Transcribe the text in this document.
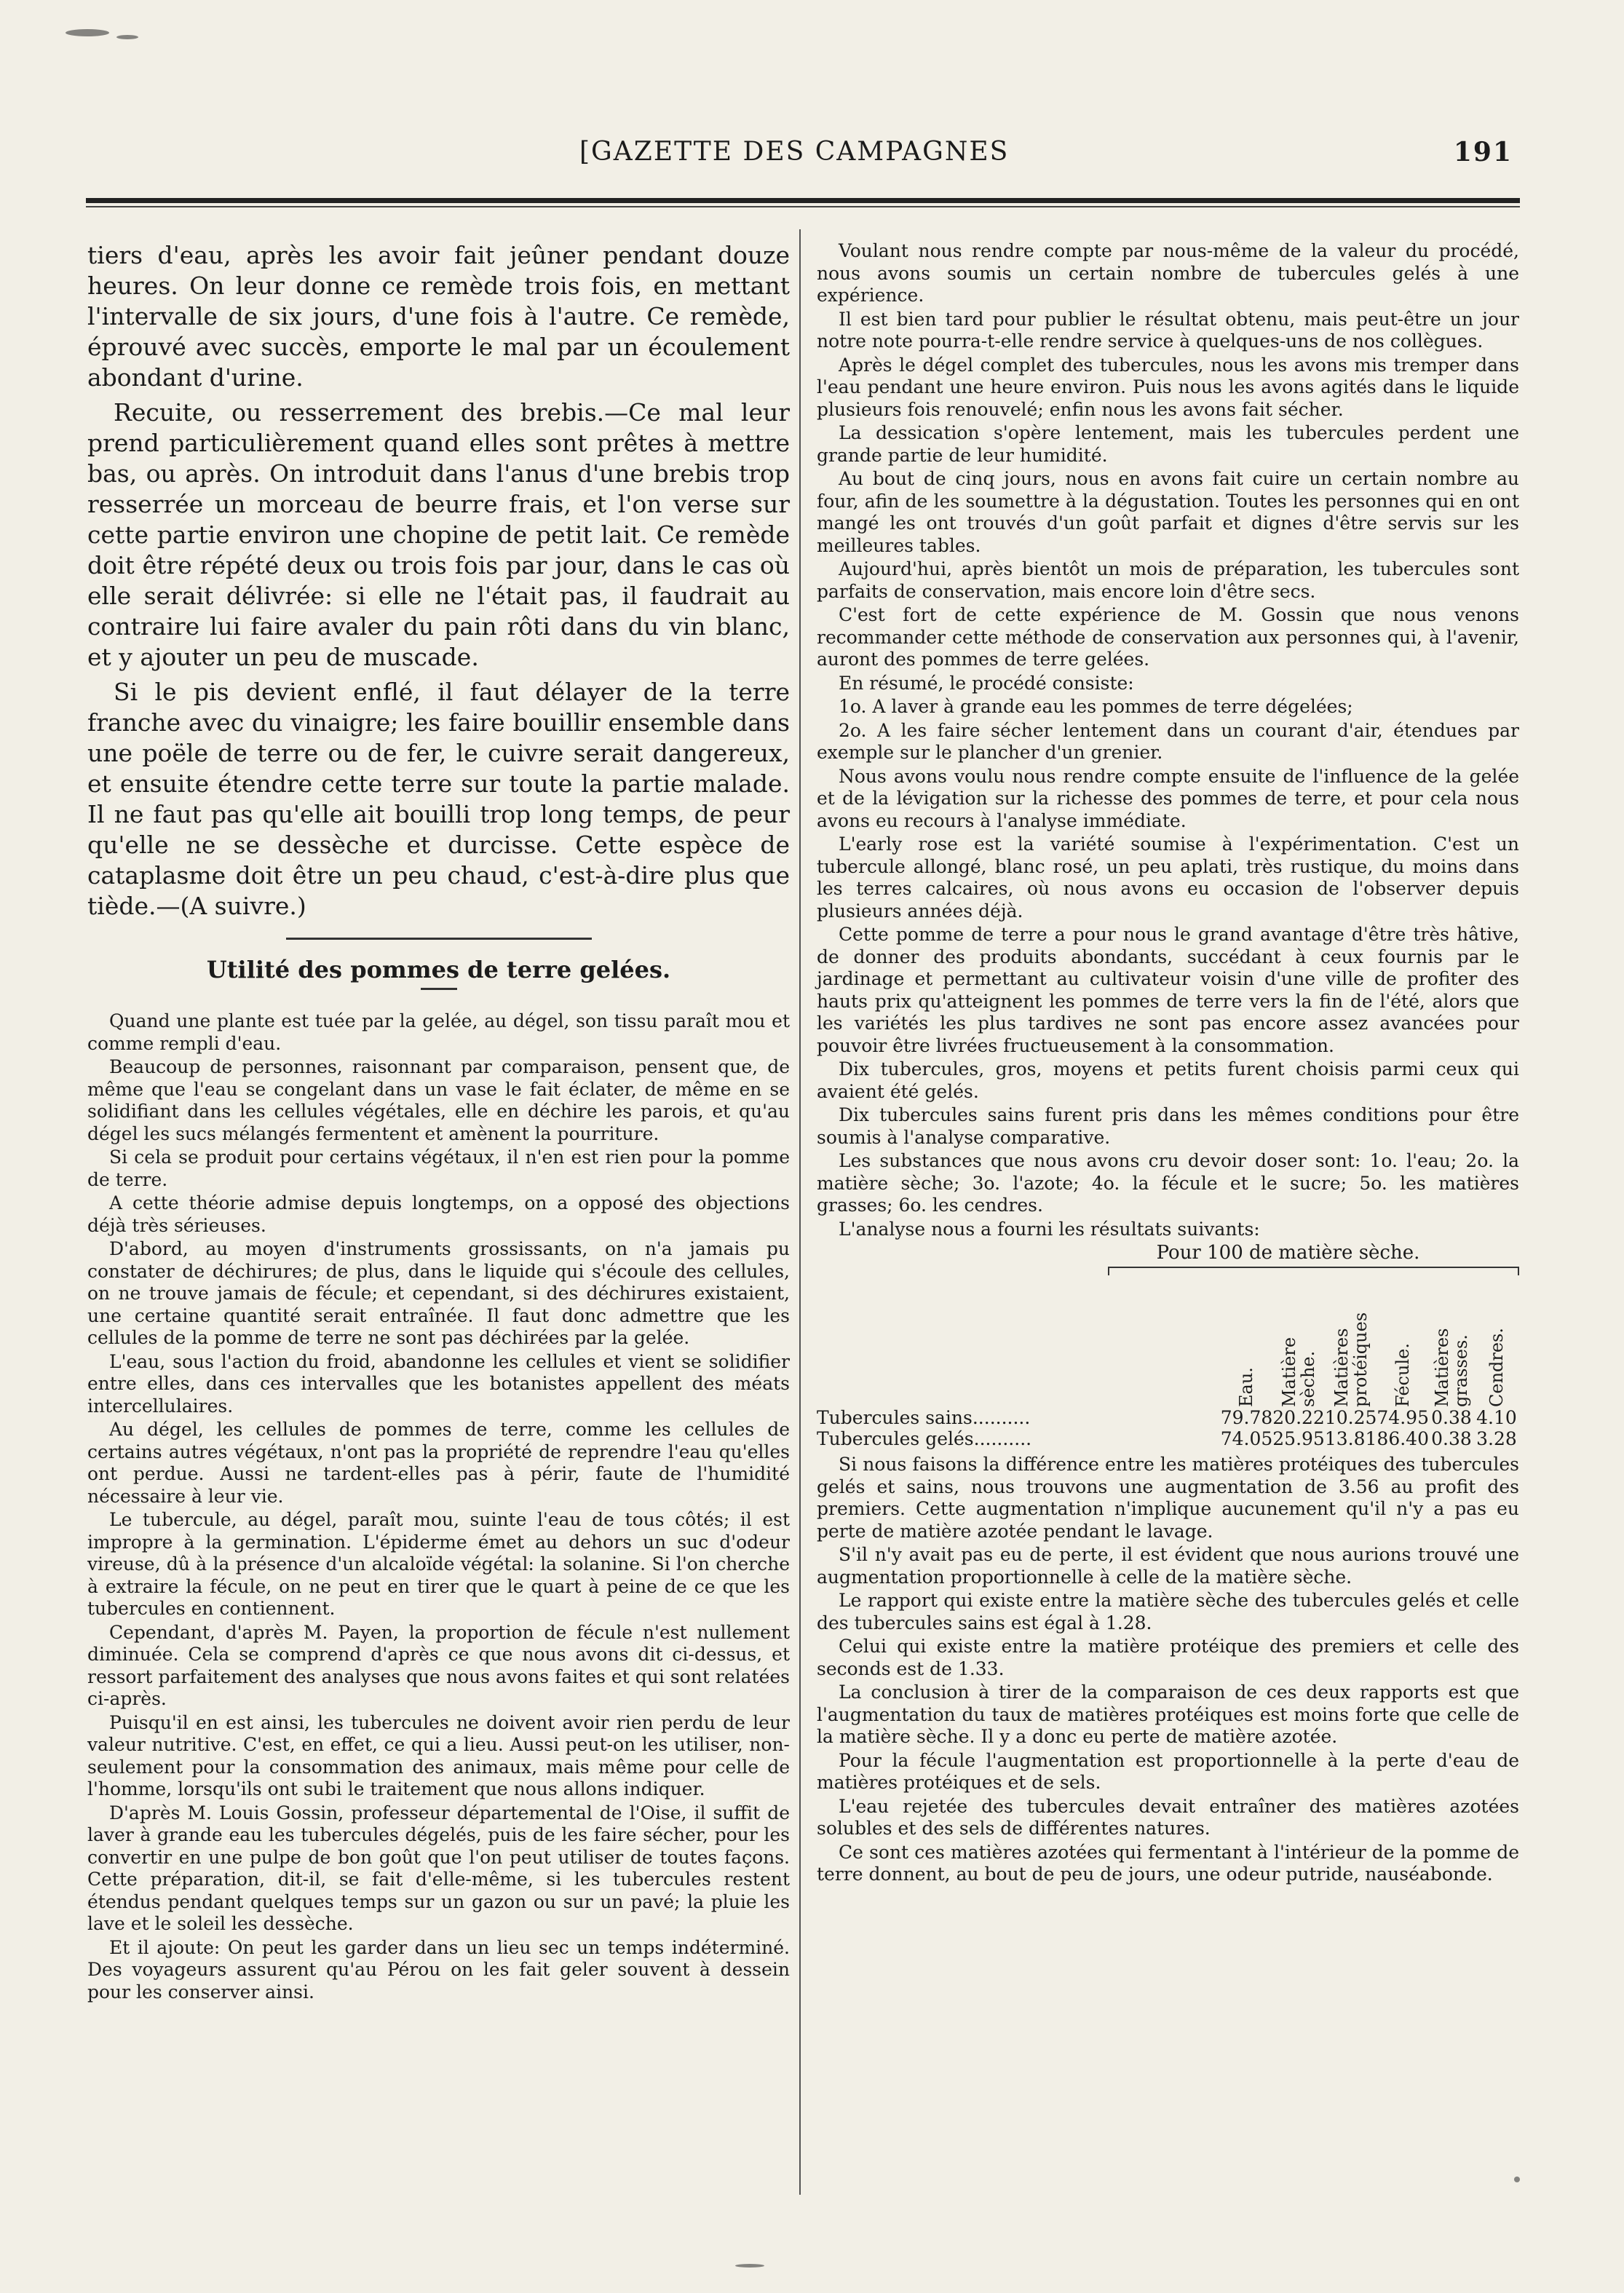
[GAZETTE DES CAMPAGNES	191

tiers d'eau, après les avoir fait jeûner pendant douze heures. On leur donne ce remède trois fois, en mettant l'intervalle de six jours, d'une fois à l'autre. Ce remède, éprouvé avec succès, emporte le mal par un écoulement abondant d'urine.

Recuite, ou resserrement des brebis.—Ce mal leur prend particulièrement quand elles sont prêtes à mettre bas, ou après. On introduit dans l'anus d'une brebis trop resserrée un morceau de beurre frais, et l'on verse sur cette partie environ une chopine de petit lait. Ce remède doit être répété deux ou trois fois par jour, dans le cas où elle serait délivrée: si elle ne l'était pas, il faudrait au contraire lui faire avaler du pain rôti dans du vin blanc, et y ajouter un peu de muscade.

Si le pis devient enflé, il faut délayer de la terre franche avec du vinaigre; les faire bouillir ensemble dans une poële de terre ou de fer, le cuivre serait dangereux, et ensuite étendre cette terre sur toute la partie malade. Il ne faut pas qu'elle ait bouilli trop long temps, de peur qu'elle ne se dessèche et durcisse. Cette espèce de cataplasme doit être un peu chaud, c'est-à-dire plus que tiède.—(A suivre.)

Utilité des pommes de terre gelées.

Quand une plante est tuée par la gelée, au dégel, son tissu paraît mou et comme rempli d'eau.

Beaucoup de personnes, raisonnant par comparaison, pensent que, de même que l'eau se congelant dans un vase le fait éclater, de même en se solidifiant dans les cellules végétales, elle en déchire les parois, et qu'au dégel les sucs mélangés fermentent et amènent la pourriture.

Si cela se produit pour certains végétaux, il n'en est rien pour la pomme de terre.

A cette théorie admise depuis longtemps, on a opposé des objections déjà très sérieuses.

D'abord, au moyen d'instruments grossissants, on n'a jamais pu constater de déchirures; de plus, dans le liquide qui s'écoule des cellules, on ne trouve jamais de fécule; et cependant, si des déchirures existaient, une certaine quantité serait entraînée. Il faut donc admettre que les cellules de la pomme de terre ne sont pas déchirées par la gelée.

L'eau, sous l'action du froid, abandonne les cellules et vient se solidifier entre elles, dans ces intervalles que les botanistes appellent des méats intercellulaires.

Au dégel, les cellules de pommes de terre, comme les cellules de certains autres végétaux, n'ont pas la propriété de reprendre l'eau qu'elles ont perdue. Aussi ne tardent-elles pas à périr, faute de l'humidité nécessaire à leur vie.

Le tubercule, au dégel, paraît mou, suinte l'eau de tous côtés; il est impropre à la germination. L'épiderme émet au dehors un suc d'odeur vireuse, dû à la présence d'un alcaloïde végétal: la solanine. Si l'on cherche à extraire la fécule, on ne peut en tirer que le quart à peine de ce que les tubercules en contiennent.

Cependant, d'après M. Payen, la proportion de fécule n'est nullement diminuée. Cela se comprend d'après ce que nous avons dit ci-dessus, et ressort parfaitement des analyses que nous avons faites et qui sont relatées ci-après.

Puisqu'il en est ainsi, les tubercules ne doivent avoir rien perdu de leur valeur nutritive. C'est, en effet, ce qui a lieu. Aussi peut-on les utiliser, non-seulement pour la consommation des animaux, mais même pour celle de l'homme, lorsqu'ils ont subi le traitement que nous allons indiquer.

D'après M. Louis Gossin, professeur départemental de l'Oise, il suffit de laver à grande eau les tubercules dégelés, puis de les faire sécher, pour les convertir en une pulpe de bon goût que l'on peut utiliser de toutes façons. Cette préparation, dit-il, se fait d'elle-même, si les tubercules restent étendus pendant quelques temps sur un gazon ou sur un pavé; la pluie les lave et le soleil les dessèche.

Et il ajoute: On peut les garder dans un lieu sec un temps indéterminé. Des voyageurs assurent qu'au Pérou on les fait geler souvent à dessein pour les conserver ainsi.

Voulant nous rendre compte par nous-même de la valeur du procédé, nous avons soumis un certain nombre de tubercules gelés à une expérience.

Il est bien tard pour publier le résultat obtenu, mais peut-être un jour notre note pourra-t-elle rendre service à quelques-uns de nos collègues.

Après le dégel complet des tubercules, nous les avons mis tremper dans l'eau pendant une heure environ. Puis nous les avons agités dans le liquide plusieurs fois renouvelé; enfin nous les avons fait sécher.

La dessication s'opère lentement, mais les tubercules perdent une grande partie de leur humidité.

Au bout de cinq jours, nous en avons fait cuire un certain nombre au four, afin de les soumettre à la dégustation. Toutes les personnes qui en ont mangé les ont trouvés d'un goût parfait et dignes d'être servis sur les meilleures tables.

Aujourd'hui, après bientôt un mois de préparation, les tubercules sont parfaits de conservation, mais encore loin d'être secs.

C'est fort de cette expérience de M. Gossin que nous venons recommander cette méthode de conservation aux personnes qui, à l'avenir, auront des pommes de terre gelées.

En résumé, le procédé consiste:

1o. A laver à grande eau les pommes de terre dégelées;

2o. A les faire sécher lentement dans un courant d'air, étendues par exemple sur le plancher d'un grenier.

Nous avons voulu nous rendre compte ensuite de l'influence de la gelée et de la lévigation sur la richesse des pommes de terre, et pour cela nous avons eu recours à l'analyse immédiate.

L'early rose est la variété soumise à l'expérimentation. C'est un tubercule allongé, blanc rosé, un peu aplati, très rustique, du moins dans les terres calcaires, où nous avons eu occasion de l'observer depuis plusieurs années déjà.

Cette pomme de terre a pour nous le grand avantage d'être très hâtive, de donner des produits abondants, succédant à ceux fournis par le jardinage et permettant au cultivateur voisin d'une ville de profiter des hauts prix qu'atteignent les pommes de terre vers la fin de l'été, alors que les variétés les plus tardives ne sont pas encore assez avancées pour pouvoir être livrées fructueusement à la consommation.

Dix tubercules, gros, moyens et petits furent choisis parmi ceux qui avaient été gelés.

Dix tubercules sains furent pris dans les mêmes conditions pour être soumis à l'analyse comparative.

Les substances que nous avons cru devoir doser sont: 1o. l'eau; 2o. la matière sèche; 3o. l'azote; 4o. la fécule et le sucre; 5o. les matières grasses; 6o. les cendres.

L'analyse nous a fourni les résultats suivants:

Pour 100 de matière sèche.

	Eau.	Matière sèche.	Matières protéiques	Fécule.	Matières grasses.	Cendres.

Tubercules sains..........	79.78	20.22	10.25	74.95	0.38	4.10
Tubercules gelés..........	74.05	25.95	13.81	86.40	0.38	3.28

Si nous faisons la différence entre les matières protéiques des tubercules gelés et sains, nous trouvons une augmentation de 3.56 au profit des premiers. Cette augmentation n'implique aucunement qu'il n'y a pas eu perte de matière azotée pendant le lavage.

S'il n'y avait pas eu de perte, il est évident que nous aurions trouvé une augmentation proportionnelle à celle de la matière sèche.

Le rapport qui existe entre la matière sèche des tubercules gelés et celle des tubercules sains est égal à 1.28.

Celui qui existe entre la matière protéique des premiers et celle des seconds est de 1.33.

La conclusion à tirer de la comparaison de ces deux rapports est que l'augmentation du taux de matières protéiques est moins forte que celle de la matière sèche. Il y a donc eu perte de matière azotée.

Pour la fécule l'augmentation est proportionnelle à la perte d'eau de matières protéiques et de sels.

L'eau rejetée des tubercules devait entraîner des matières azotées solubles et des sels de différentes natures.

Ce sont ces matières azotées qui fermentant à l'intérieur de la pomme de terre donnent, au bout de peu de jours, une odeur putride, nauséabonde.
